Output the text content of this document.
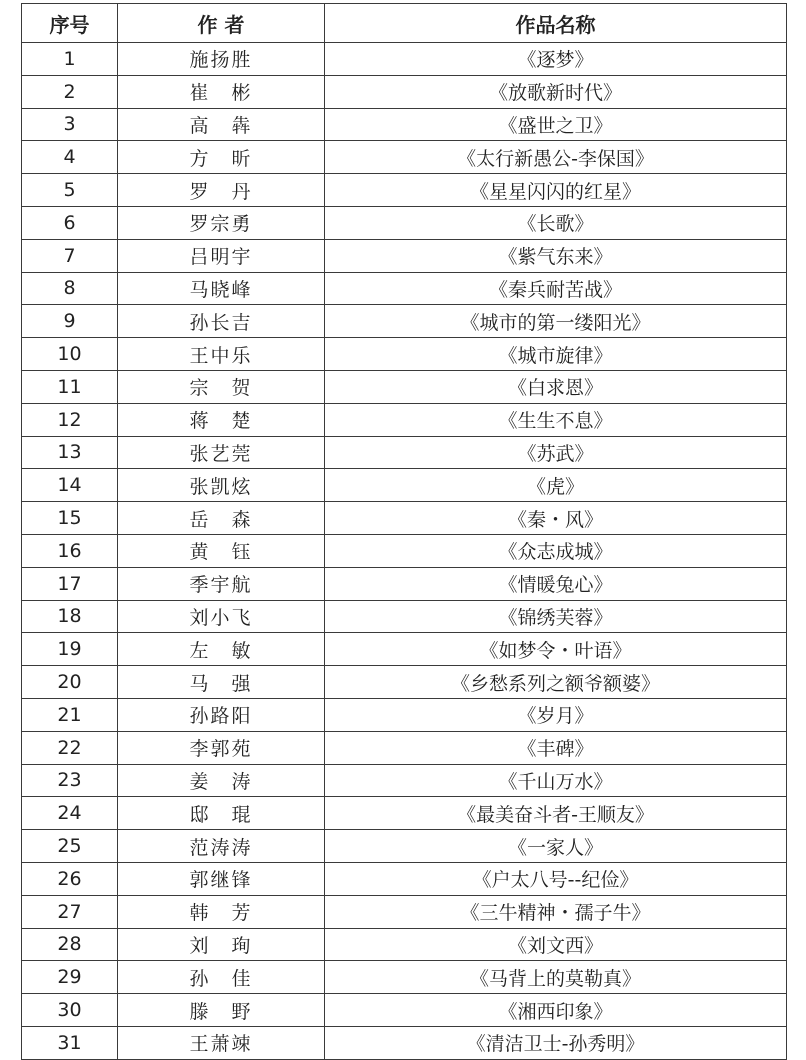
序号	作 者	作品名称
1	施扬胜	《逐梦》
2	崔　彬	《放歌新时代》
3	高　犇	《盛世之卫》
4	方　昕	《太行新愚公-李保国》
5	罗　丹	《星星闪闪的红星》
6	罗宗勇	《长歌》
7	吕明宇	《紫气东来》
8	马晓峰	《秦兵耐苦战》
9	孙长吉	《城市的第一缕阳光》
10	王中乐	《城市旋律》
11	宗　贺	《白求恩》
12	蒋　楚	《生生不息》
13	张艺莞	《苏武》
14	张凯炫	《虎》
15	岳　森	《秦・风》
16	黄　钰	《众志成城》
17	季宇航	《情暖兔心》
18	刘小飞	《锦绣芙蓉》
19	左　敏	《如梦令・叶语》
20	马　强	《乡愁系列之额爷额婆》
21	孙路阳	《岁月》
22	李郭苑	《丰碑》
23	姜　涛	《千山万水》
24	邸　琨	《最美奋斗者-王顺友》
25	范涛涛	《一家人》
26	郭继锋	《户太八号--纪俭》
27	韩　芳	《三牛精神・孺子牛》
28	刘　珣	《刘文西》
29	孙　佳	《马背上的莫勒真》
30	滕　野	《湘西印象》
31	王萧竦	《清洁卫士-孙秀明》
